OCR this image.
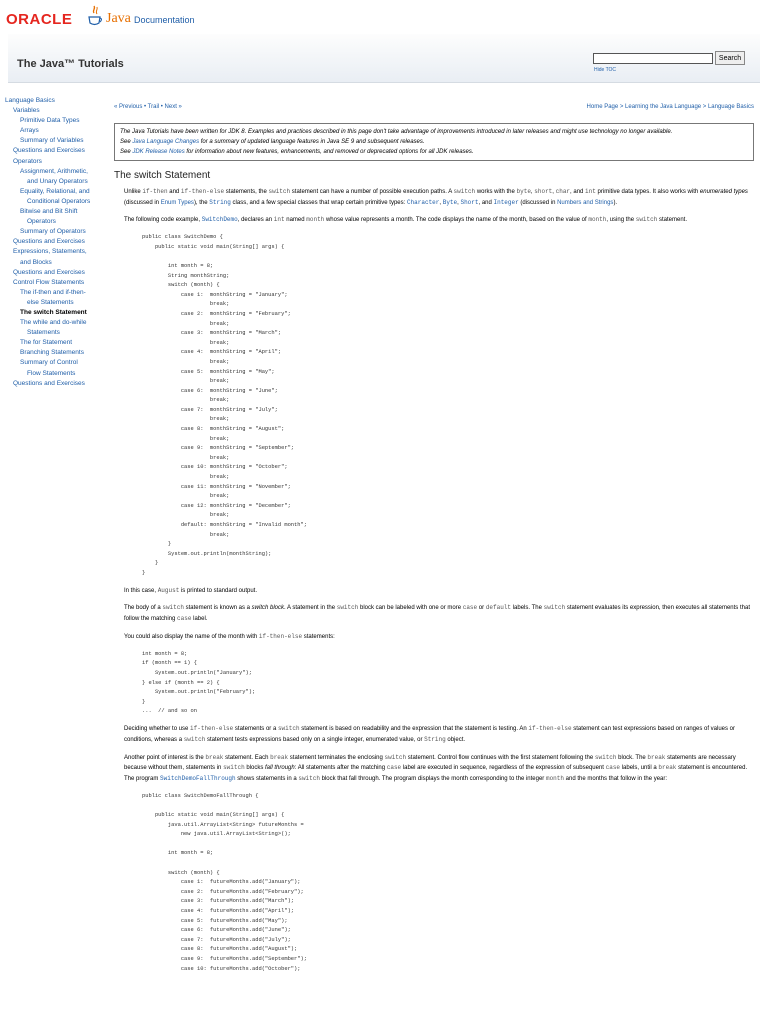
ORACLE Java Documentation
The Java™ Tutorials	Search
Hide TOC
Language Basics
Variables
Primitive Data Types
Arrays
Summary of Variables
Questions and Exercises
Operators
Assignment, Arithmetic,
and Unary Operators
Equality, Relational, and
Conditional Operators
Bitwise and Bit Shift
Operators
Summary of Operators
Questions and Exercises
Expressions, Statements,
and Blocks
Questions and Exercises
Control Flow Statements
The if-then and if-then-
else Statements
The switch Statement
The while and do-while
Statements
The for Statement
Branching Statements
Summary of Control
Flow Statements
Questions and Exercises
« Previous • Trail • Next »	Home Page > Learning the Java Language > Language Basics
The Java Tutorials have been written for JDK 8. Examples and practices described in this page don't take advantage of improvements introduced in later releases and might use technology no longer available.
See Java Language Changes for a summary of updated language features in Java SE 9 and subsequent releases.
See JDK Release Notes for information about new features, enhancements, and removed or deprecated options for all JDK releases.
The switch Statement
Unlike if-then and if-then-else statements, the switch statement can have a number of possible execution paths. A switch works with the byte, short, char, and int primitive data types. It also works with enumerated types (discussed in Enum Types), the String class, and a few special classes that wrap certain primitive types: Character, Byte, Short, and Integer (discussed in Numbers and Strings).
The following code example, SwitchDemo, declares an int named month whose value represents a month. The code displays the name of the month, based on the value of month, using the switch statement.
public class SwitchDemo {
public static void main(String[] args) {

int month = 8;
String monthString;
switch (month) {
case 1:  monthString = "January";
break;
case 2:  monthString = "February";
break;
case 3:  monthString = "March";
break;
case 4:  monthString = "April";
break;
case 5:  monthString = "May";
break;
case 6:  monthString = "June";
break;
case 7:  monthString = "July";
break;
case 8:  monthString = "August";
break;
case 9:  monthString = "September";
break;
case 10: monthString = "October";
break;
case 11: monthString = "November";
break;
case 12: monthString = "December";
break;
default: monthString = "Invalid month";
break;
}
System.out.println(monthString);
}
}
In this case, August is printed to standard output.
The body of a switch statement is known as a switch block. A statement in the switch block can be labeled with one or more case or default labels. The switch statement evaluates its expression, then executes all statements that follow the matching case label.
You could also display the name of the month with if-then-else statements:
int month = 8;
if (month == 1) {
System.out.println("January");
} else if (month == 2) {
System.out.println("February");
}
...  // and so on
Deciding whether to use if-then-else statements or a switch statement is based on readability and the expression that the statement is testing. An if-then-else statement can test expressions based on ranges of values or conditions, whereas a switch statement tests expressions based only on a single integer, enumerated value, or String object.
Another point of interest is the break statement. Each break statement terminates the enclosing switch statement. Control flow continues with the first statement following the switch block. The break statements are necessary because without them, statements in switch blocks fall through: All statements after the matching case label are executed in sequence, regardless of the expression of subsequent case labels, until a break statement is encountered. The program SwitchDemoFallThrough shows statements in a switch block that fall through. The program displays the month corresponding to the integer month and the months that follow in the year:
public class SwitchDemoFallThrough {

public static void main(String[] args) {
java.util.ArrayList<String> futureMonths =
new java.util.ArrayList<String>();

int month = 8;

switch (month) {
case 1:  futureMonths.add("January");
case 2:  futureMonths.add("February");
case 3:  futureMonths.add("March");
case 4:  futureMonths.add("April");
case 5:  futureMonths.add("May");
case 6:  futureMonths.add("June");
case 7:  futureMonths.add("July");
case 8:  futureMonths.add("August");
case 9:  futureMonths.add("September");
case 10: futureMonths.add("October");
